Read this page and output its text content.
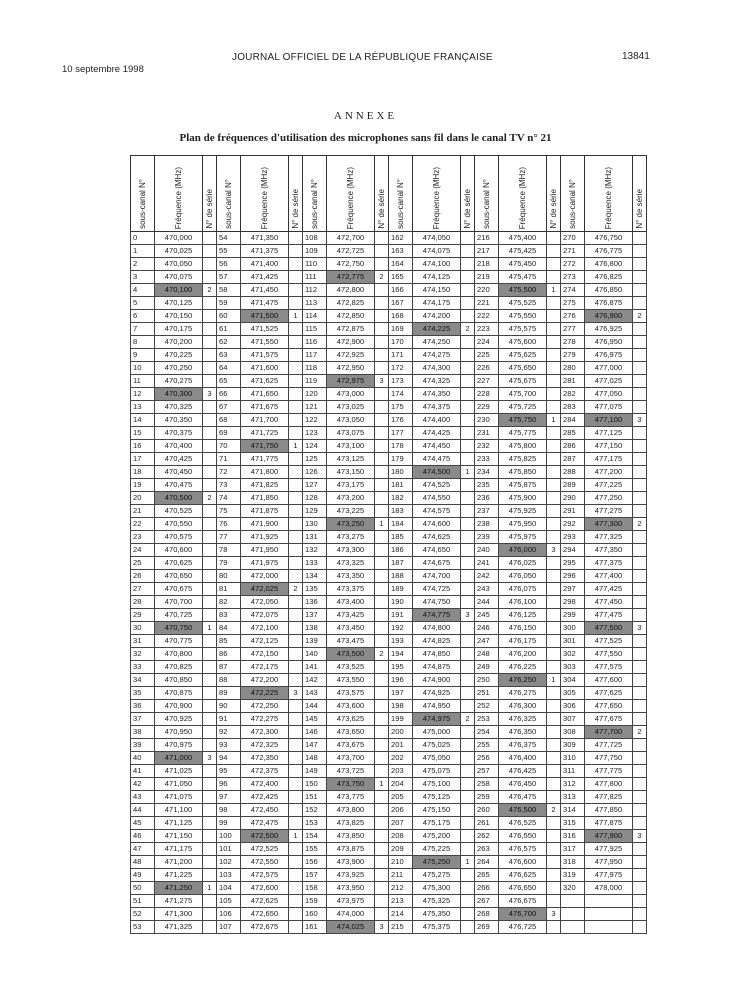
10 septembre 1998
JOURNAL OFFICIEL DE LA RÉPUBLIQUE FRANÇAISE	13841
ANNEXE
Plan de fréquences d'utilisation des microphones sans fil dans le canal TV n° 21
sous-canal N°	Fréquence (MHz)	N° de série	sous-canal N°	Fréquence (MHz)	N° de série	sous-canal N°	Fréquence (MHz)	N° de série	sous-canal N°	Fréquence (MHz)	N° de série	sous-canal N°	Fréquence (MHz)	N° de série	sous-canal N°	Fréquence (MHz)	N° de série

0	470,000		54	471,350		108	472,700		162	474,050		216	475,400		270	476,750	
1	470,025		55	471,375		109	472,725		163	474,075		217	475,425		271	476,775	
2	470,050		56	471,400		110	472,750		164	474,100		218	475,450		272	476,800	
3	470,075		57	471,425		111	472,775	2	165	474,125		219	475,475		273	476,825	
4	470,100	2	58	471,450		112	472,800		166	474,150		220	475,500	1	274	476,850	
5	470,125		59	471,475		113	472,825		167	474,175		221	475,525		275	476,875	
6	470,150		60	471,500	1	114	472,850		168	474,200		222	475,550		276	476,900	2
7	470,175		61	471,525		115	472,875		169	474,225	2	223	475,575		277	476,925	
8	470,200		62	471,550		116	472,900		170	474,250		224	475,600		278	476,950	
9	470,225		63	471,575		117	472,925		171	474,275		225	475,625		279	476,975	
10	470,250		64	471,600		118	472,950		172	474,300		226	475,650		280	477,000	
11	470,275		65	471,625		119	472,975	3	173	474,325		227	475,675		281	477,025	
12	470,300	3	66	471,650		120	473,000		174	474,350		228	475,700		282	477,050	
13	470,325		67	471,675		121	473,025		175	474,375		229	475,725		283	477,075	
14	470,350		68	471,700		122	473,050		176	474,400		230	475,750	1	284	477,100	3
15	470,375		69	471,725		123	473,075		177	474,425		231	475,775		285	477,125	
16	470,400		70	471,750	1	124	473,100		178	474,450		232	475,800		286	477,150	
17	470,425		71	471,775		125	473,125		179	474,475		233	475,825		287	477,175	
18	470,450		72	471,800		126	473,150		180	474,500	1	234	475,850		288	477,200	
19	470,475		73	471,825		127	473,175		181	474,525		235	475,875		289	477,225	
20	470,500	2	74	471,850		128	473,200		182	474,550		236	475,900		290	477,250	
21	470,525		75	471,875		129	473,225		183	474,575		237	475,925		291	477,275	
22	470,550		76	471,900		130	473,250	1	184	474,600		238	475,950		292	477,300	2
23	470,575		77	471,925		131	473,275		185	474,625		239	475,975		293	477,325	
24	470,600		78	471,950		132	473,300		186	474,650		240	476,000	3	294	477,350	
25	470,625		79	471,975		133	473,325		187	474,675		241	476,025		295	477,375	
26	470,650		80	472,000		134	473,350		188	474,700		242	476,050		296	477,400	
27	470,675		81	472,025	2	135	473,375		189	474,725		243	476,075		297	477,425	
28	470,700		82	472,050		136	473,400		190	474,750		244	476,100		298	477,450	
29	470,725		83	472,075		137	473,425		191	474,775	3	245	476,125		299	477,475	
30	470,750	1	84	472,100		138	473,450		192	474,800		246	476,150		300	477,500	3
31	470,775		85	472,125		139	473,475		193	474,825		247	476,175		301	477,525	
32	470,800		86	472,150		140	473,500	2	194	474,850		248	476,200		302	477,550	
33	470,825		87	472,175		141	473,525		195	474,875		249	476,225		303	477,575	
34	470,850		88	472,200		142	473,550		196	474,900		250	476,250	1	304	477,600	
35	470,875		89	472,225	3	143	473,575		197	474,925		251	476,275		305	477,625	
36	470,900		90	472,250		144	473,600		198	474,950		252	476,300		306	477,650	
37	470,925		91	472,275		145	473,625		199	474,975	2	253	476,325		307	477,675	
38	470,950		92	472,300		146	473,650		200	475,000		254	476,350		308	477,700	2
39	470,975		93	472,325		147	473,675		201	475,025		255	476,375		309	477,725	
40	471,000	3	94	472,350		148	473,700		202	475,050		256	476,400		310	477,750	
41	471,025		95	472,375		149	473,725		203	475,075		257	476,425		311	477,775	
42	471,050		96	472,400		150	473,750	1	204	475,100		258	476,450		312	477,800	
43	471,075		97	472,425		151	473,775		205	475,125		259	476,475		313	477,825	
44	471,100		98	472,450		152	473,800		206	475,150		260	476,500	2	314	477,850	
45	471,125		99	472,475		153	473,825		207	475,175		261	476,525		315	477,875	
46	471,150		100	472,500	1	154	473,850		208	475,200		262	476,550		316	477,900	3
47	471,175		101	472,525		155	473,875		209	475,225		263	476,575		317	477,925	
48	471,200		102	472,550		156	473,900		210	475,250	1	264	476,600		318	477,950	
49	471,225		103	472,575		157	473,925		211	475,275		265	476,625		319	477,975	
50	471,250	1	104	472,600		158	473,950		212	475,300		266	476,650		320	478,000	
51	471,275		105	472,625		159	473,975		213	475,325		267	476,675				
52	471,300		106	472,650		160	474,000		214	475,350		268	476,700	3			
53	471,325		107	472,675		161	474,025	3	215	475,375		269	476,725				
